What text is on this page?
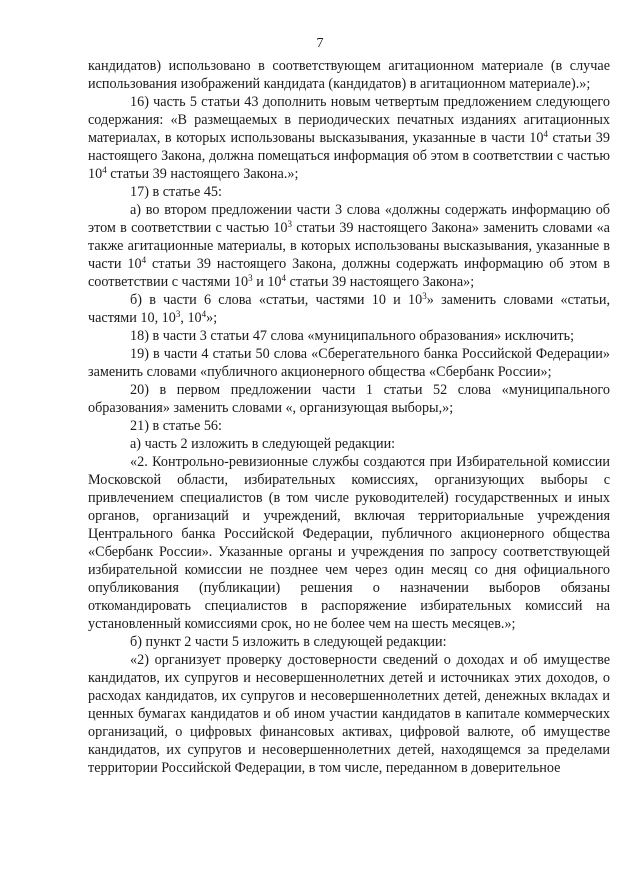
7

кандидатов) использовано в соответствующем агитационном материале (в случае использования изображений кандидата (кандидатов) в агитационном материале).»;

16) часть 5 статьи 43 дополнить новым четвертым предложением следующего содержания: «В размещаемых в периодических печатных изданиях агитационных материалах, в которых использованы высказывания, указанные в части $10^4$ статьи 39 настоящего Закона, должна помещаться информация об этом в соответствии с частью $10^4$ статьи 39 настоящего Закона.»;

17) в статье 45:

а) во втором предложении части 3 слова «должны содержать информацию об этом в соответствии с частью $10^3$ статьи 39 настоящего Закона» заменить словами «а также агитационные материалы, в которых использованы высказывания, указанные в части $10^4$ статьи 39 настоящего Закона, должны содержать информацию об этом в соответствии с частями $10^3$ и $10^4$ статьи 39 настоящего Закона»;

б) в части 6 слова «статьи, частями 10 и $10^3$» заменить словами «статьи, частями 10, $10^3$, $10^4$»;

18) в части 3 статьи 47 слова «муниципального образования» исключить;

19) в части 4 статьи 50 слова «Сберегательного банка Российской Федерации» заменить словами «публичного акционерного общества «Сбербанк России»;

20) в первом предложении части 1 статьи 52 слова «муниципального образования» заменить словами «, организующая выборы,»;

21) в статье 56:

а) часть 2 изложить в следующей редакции:

«2. Контрольно-ревизионные службы создаются при Избирательной комиссии Московской области, избирательных комиссиях, организующих выборы с привлечением специалистов (в том числе руководителей) государственных и иных органов, организаций и учреждений, включая территориальные учреждения Центрального банка Российской Федерации, публичного акционерного общества «Сбербанк России». Указанные органы и учреждения по запросу соответствующей избирательной комиссии не позднее чем через один месяц со дня официального опубликования (публикации) решения о назначении выборов обязаны откомандировать специалистов в распоряжение избирательных комиссий на установленный комиссиями срок, но не более чем на шесть месяцев.»;

б) пункт 2 части 5 изложить в следующей редакции:

«2) организует проверку достоверности сведений о доходах и об имуществе кандидатов, их супругов и несовершеннолетних детей и источниках этих доходов, о расходах кандидатов, их супругов и несовершеннолетних детей, денежных вкладах и ценных бумагах кандидатов и об ином участии кандидатов в капитале коммерческих организаций, о цифровых финансовых активах, цифровой валюте, об имуществе кандидатов, их супругов и несовершеннолетних детей, находящемся за пределами территории Российской Федерации, в том числе, переданном в доверительное
